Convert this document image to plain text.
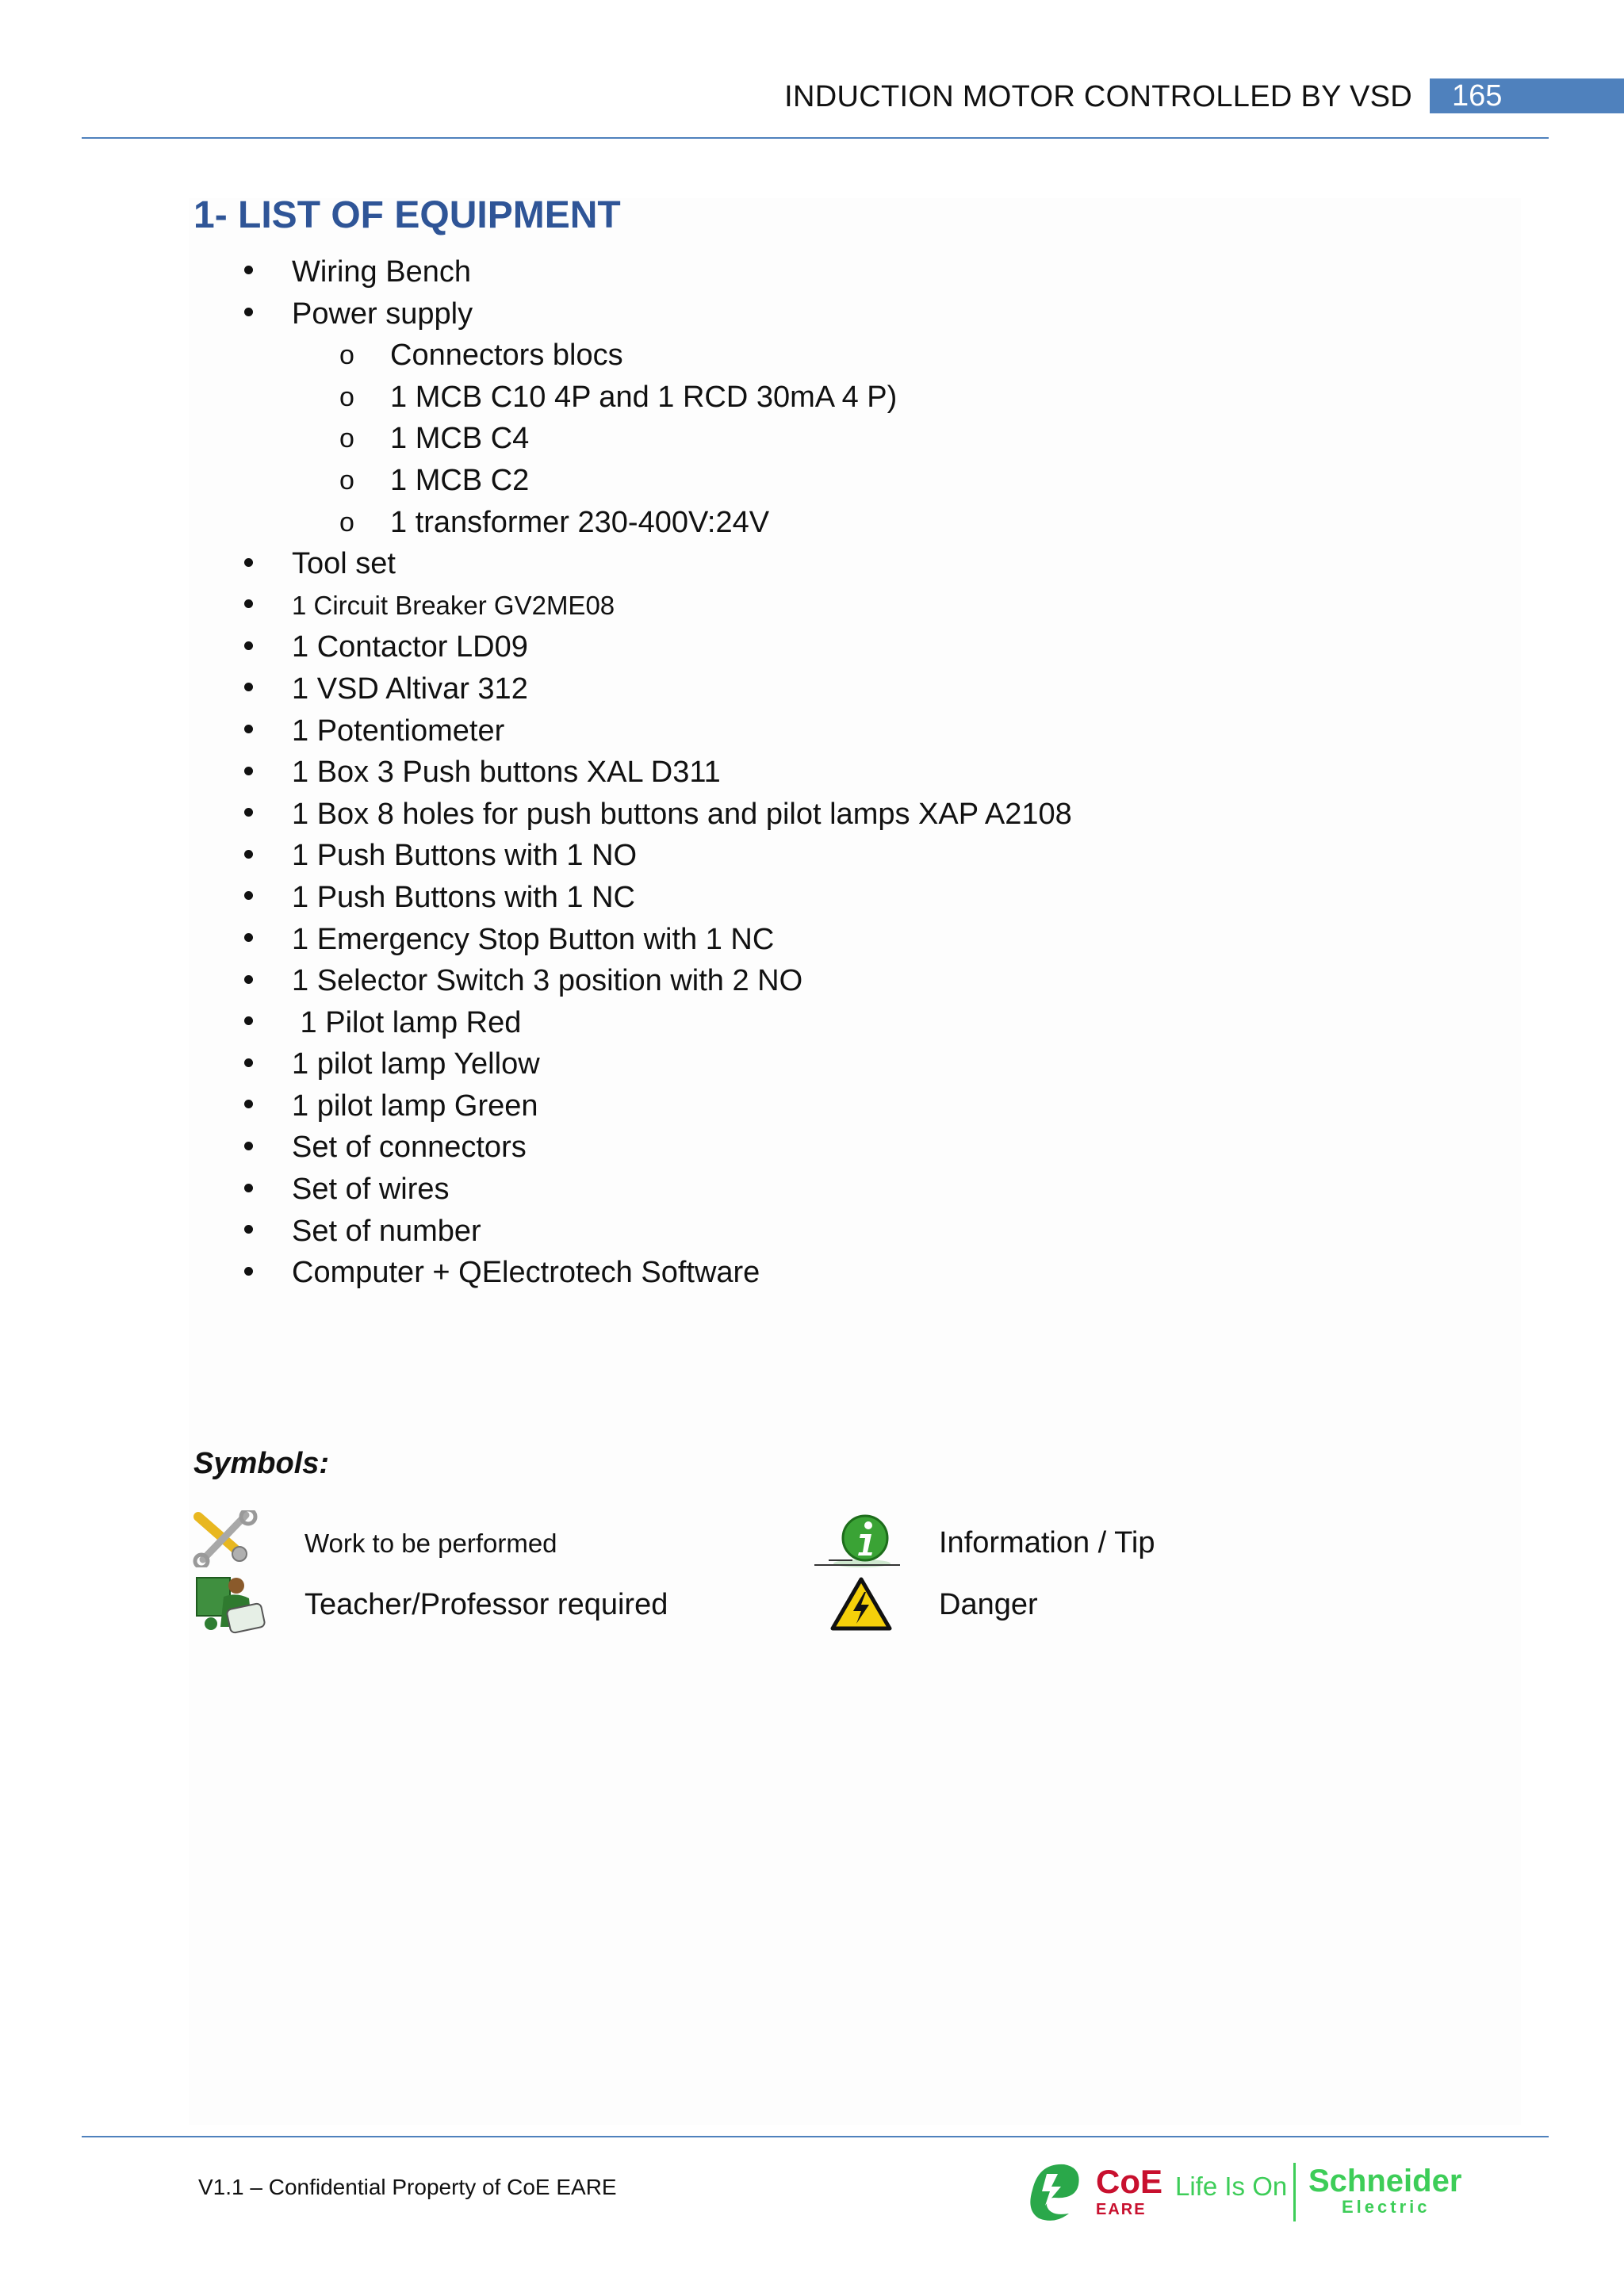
INDUCTION MOTOR CONTROLLED BY VSD	165
1- LIST OF EQUIPMENT
Wiring Bench
Power supply
o Connectors blocs
o 1 MCB C10 4P and 1 RCD 30mA 4 P)
o 1 MCB C4
o 1 MCB C2
o 1 transformer 230-400V:24V
Tool set
1 Circuit Breaker GV2ME08
1 Contactor LD09
1 VSD Altivar 312
1 Potentiometer
1 Box 3 Push buttons XAL D311
1 Box 8 holes for push buttons and pilot lamps XAP A2108
1 Push Buttons with 1 NO
1 Push Buttons with 1 NC
1 Emergency Stop Button with 1 NC
1 Selector Switch 3 position with 2 NO
1 Pilot lamp Red
1 pilot lamp Yellow
1 pilot lamp Green
Set of connectors
Set of wires
Set of number
Computer + QElectrotech Software
Symbols:
Work to be performed	Information / Tip
Teacher/Professor required	Danger
V1.1 – Confidential Property of CoE EARE	CoE
EARE
Life Is On Schneider
Electric
